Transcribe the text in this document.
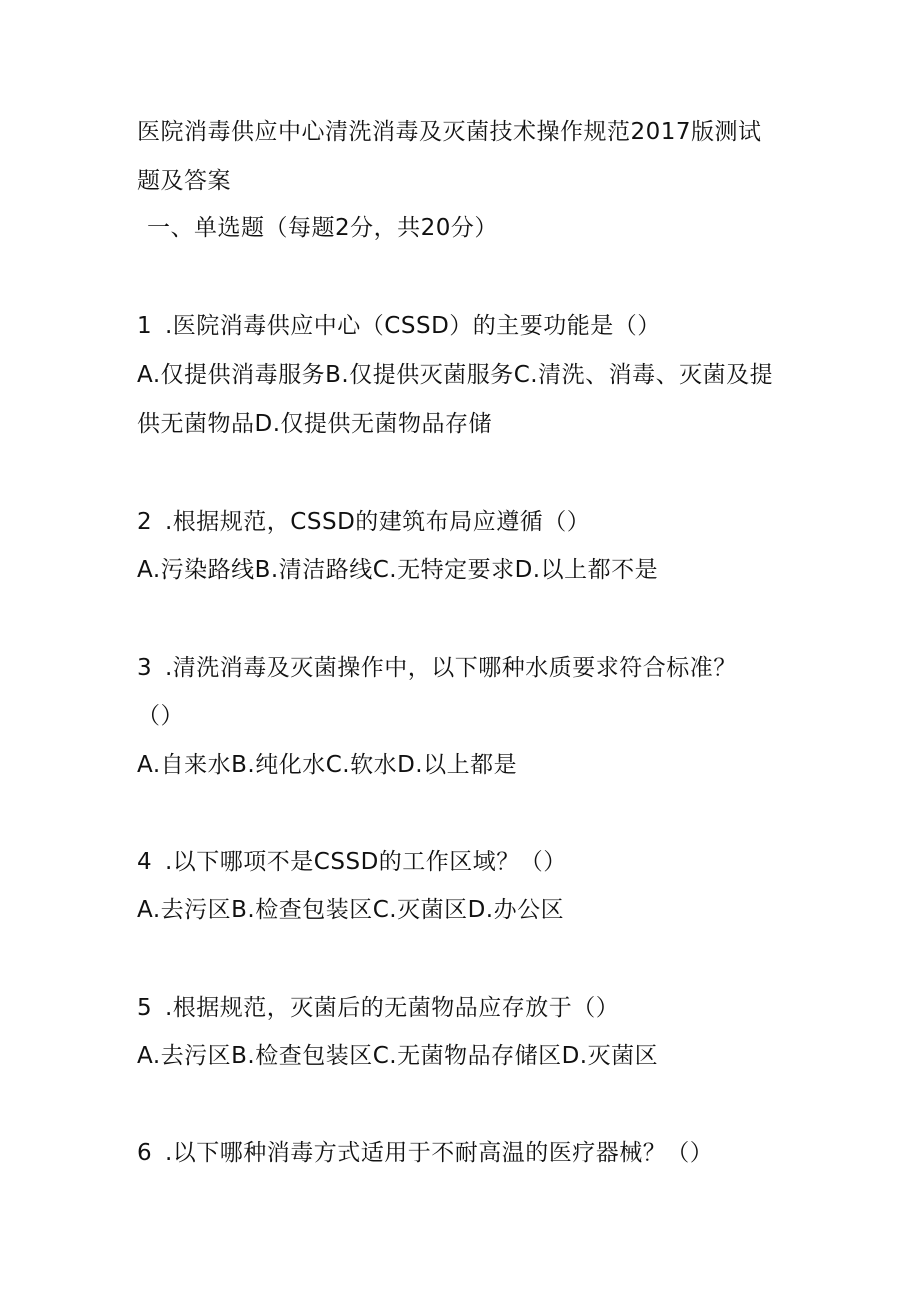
医院消毒供应中心清洗消毒及灭菌技术操作规范2017版测试
题及答案
一、单选题（每题2分，共20分）
1 .医院消毒供应中心（CSSD）的主要功能是（）
A.仅提供消毒服务B.仅提供灭菌服务C.清洗、消毒、灭菌及提
供无菌物品D.仅提供无菌物品存储
2 .根据规范，CSSD的建筑布局应遵循（）
A.污染路线B.清洁路线C.无特定要求D.以上都不是
3 .清洗消毒及灭菌操作中，以下哪种水质要求符合标准？
（）
A.自来水B.纯化水C.软水D.以上都是
4 .以下哪项不是CSSD的工作区域？（）
A.去污区B.检查包装区C.灭菌区D.办公区
5 .根据规范，灭菌后的无菌物品应存放于（）
A.去污区B.检查包装区C.无菌物品存储区D.灭菌区
6 .以下哪种消毒方式适用于不耐高温的医疗器械？（）
